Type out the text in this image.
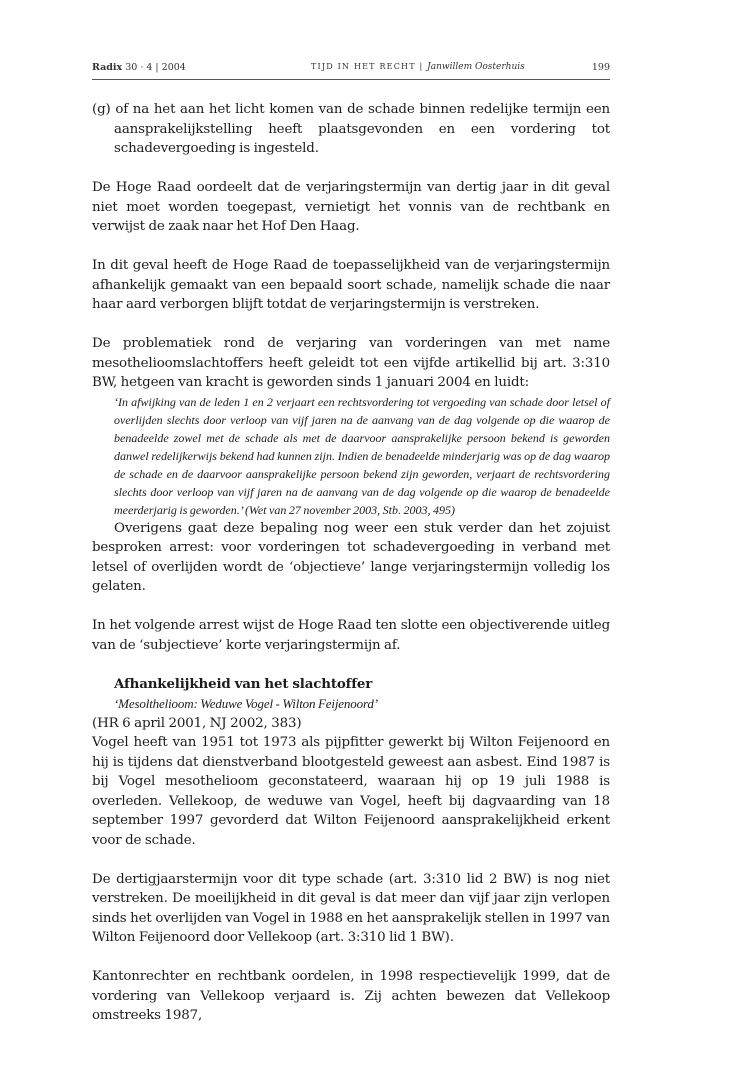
Radix 30 · 4 | 2004	TIJD IN HET RECHT | Janwillem Oosterhuis	199

(g) of na het aan het licht komen van de schade binnen redelijke termijn een aansprakelijkstelling heeft plaatsgevonden en een vordering tot schadevergoeding is ingesteld.

De Hoge Raad oordeelt dat de verjaringstermijn van dertig jaar in dit geval niet moet worden toegepast, vernietigt het vonnis van de rechtbank en verwijst de zaak naar het Hof Den Haag.

In dit geval heeft de Hoge Raad de toepasselijkheid van de verjaringstermijn afhankelijk gemaakt van een bepaald soort schade, namelijk schade die naar haar aard verborgen blijft totdat de verjaringstermijn is verstreken.

De problematiek rond de verjaring van vorderingen van met name mesothelioomslachtoffers heeft geleidt tot een vijfde artikellid bij art. 3:310 BW, hetgeen van kracht is geworden sinds 1 januari 2004 en luidt:

‘In afwijking van de leden 1 en 2 verjaart een rechtsvordering tot vergoeding van schade door letsel of overlijden slechts door verloop van vijf jaren na de aanvang van de dag volgende op die waarop de benadeelde zowel met de schade als met de daarvoor aansprakelijke persoon bekend is geworden danwel redelijkerwijs bekend had kunnen zijn. Indien de benadeelde minderjarig was op de dag waarop de schade en de daarvoor aansprakelijke persoon bekend zijn geworden, verjaart de rechtsvordering slechts door verloop van vijf jaren na de aanvang van de dag volgende op die waarop de benadeelde meerderjarig is geworden.’ (Wet van 27 november 2003, Stb. 2003, 495)

Overigens gaat deze bepaling nog weer een stuk verder dan het zojuist besproken arrest: voor vorderingen tot schadevergoeding in verband met letsel of overlijden wordt de ‘objectieve’ lange verjaringstermijn volledig los gelaten.

In het volgende arrest wijst de Hoge Raad ten slotte een objectiverende uitleg van de ‘subjectieve’ korte verjaringstermijn af.

Afhankelijkheid van het slachtoffer
‘Mesolthelioom: Weduwe Vogel - Wilton Feijenoord’

(HR 6 april 2001, NJ 2002, 383)

Vogel heeft van 1951 tot 1973 als pijpfitter gewerkt bij Wilton Feijenoord en hij is tijdens dat dienstverband blootgesteld geweest aan asbest. Eind 1987 is bij Vogel mesothelioom geconstateerd, waaraan hij op 19 juli 1988 is overleden. Vellekoop, de weduwe van Vogel, heeft bij dagvaarding van 18 september 1997 gevorderd dat Wilton Feijenoord aansprakelijkheid erkent voor de schade.

De dertigjaarstermijn voor dit type schade (art. 3:310 lid 2 BW) is nog niet verstreken. De moeilijkheid in dit geval is dat meer dan vijf jaar zijn verlopen sinds het overlijden van Vogel in 1988 en het aansprakelijk stellen in 1997 van Wilton Feijenoord door Vellekoop (art. 3:310 lid 1 BW).

Kantonrechter en rechtbank oordelen, in 1998 respectievelijk 1999, dat de vordering van Vellekoop verjaard is. Zij achten bewezen dat Vellekoop omstreeks 1987,
